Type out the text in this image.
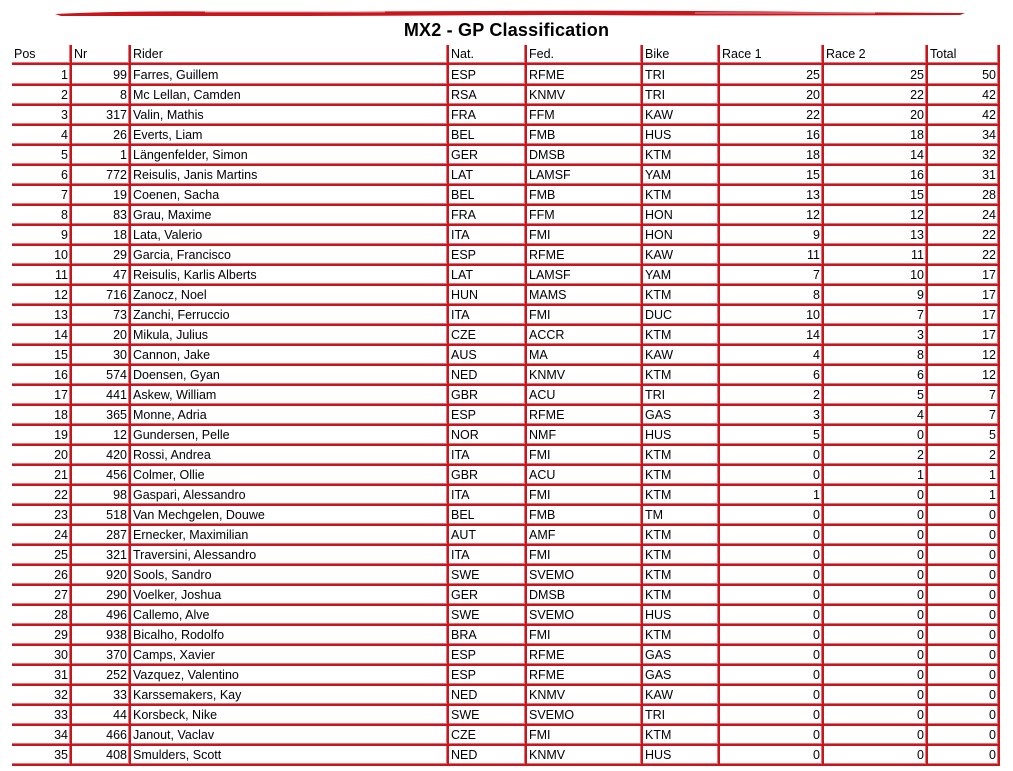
MX2 - GP Classification
Pos	Nr	Rider	Nat.	Fed.	Bike	Race 1	Race 2	Total
1	99	Farres, Guillem	ESP	RFME	TRI	25	25	50
2	8	Mc Lellan, Camden	RSA	KNMV	TRI	20	22	42
3	317	Valin, Mathis	FRA	FFM	KAW	22	20	42
4	26	Everts, Liam	BEL	FMB	HUS	16	18	34
5	1	Längenfelder, Simon	GER	DMSB	KTM	18	14	32
6	772	Reisulis, Janis Martins	LAT	LAMSF	YAM	15	16	31
7	19	Coenen, Sacha	BEL	FMB	KTM	13	15	28
8	83	Grau, Maxime	FRA	FFM	HON	12	12	24
9	18	Lata, Valerio	ITA	FMI	HON	9	13	22
10	29	Garcia, Francisco	ESP	RFME	KAW	11	11	22
11	47	Reisulis, Karlis Alberts	LAT	LAMSF	YAM	7	10	17
12	716	Zanocz, Noel	HUN	MAMS	KTM	8	9	17
13	73	Zanchi, Ferruccio	ITA	FMI	DUC	10	7	17
14	20	Mikula, Julius	CZE	ACCR	KTM	14	3	17
15	30	Cannon, Jake	AUS	MA	KAW	4	8	12
16	574	Doensen, Gyan	NED	KNMV	KTM	6	6	12
17	441	Askew, William	GBR	ACU	TRI	2	5	7
18	365	Monne, Adria	ESP	RFME	GAS	3	4	7
19	12	Gundersen, Pelle	NOR	NMF	HUS	5	0	5
20	420	Rossi, Andrea	ITA	FMI	KTM	0	2	2
21	456	Colmer, Ollie	GBR	ACU	KTM	0	1	1
22	98	Gaspari, Alessandro	ITA	FMI	KTM	1	0	1
23	518	Van Mechgelen, Douwe	BEL	FMB	TM	0	0	0
24	287	Ernecker, Maximilian	AUT	AMF	KTM	0	0	0
25	321	Traversini, Alessandro	ITA	FMI	KTM	0	0	0
26	920	Sools, Sandro	SWE	SVEMO	KTM	0	0	0
27	290	Voelker, Joshua	GER	DMSB	KTM	0	0	0
28	496	Callemo, Alve	SWE	SVEMO	HUS	0	0	0
29	938	Bicalho, Rodolfo	BRA	FMI	KTM	0	0	0
30	370	Camps, Xavier	ESP	RFME	GAS	0	0	0
31	252	Vazquez, Valentino	ESP	RFME	GAS	0	0	0
32	33	Karssemakers, Kay	NED	KNMV	KAW	0	0	0
33	44	Korsbeck, Nike	SWE	SVEMO	TRI	0	0	0
34	466	Janout, Vaclav	CZE	FMI	KTM	0	0	0
35	408	Smulders, Scott	NED	KNMV	HUS	0	0	0
